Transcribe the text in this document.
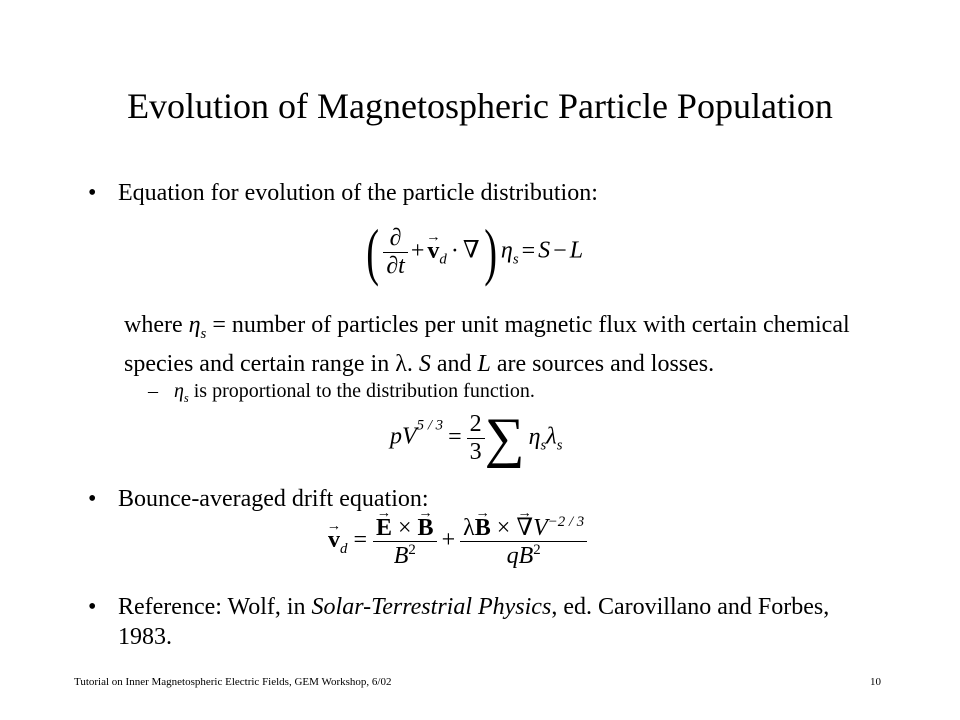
Evolution of Magnetospheric Particle Population
• Equation for evolution of the particle distribution:
( $\frac{\partial}{\partial t} +\to v_d$ · ∇) $\eta_s = S - L$
where $\eta_s$ = number of particles per unit magnetic flux with certain chemical species and certain range in λ. S and L are sources and losses.
– $\eta_s$ is proportional to the distribution function.
$pV^{5 / 3} = \frac{2}{3}$ ∑ $\eta_s\lambda_s$
• Bounce-averaged drift equation:
→ $v_d$ =
→ $\frac{E \times \to B}{B^2} + \frac{\lambda\to B \times \to \nabla V^{-2 / 3}}{qB^2}$
• Reference: Wolf, in Solar-Terrestrial Physics, ed. Carovillano and Forbes, 1983.
Tutorial on Inner Magnetospheric Electric Fields, GEM Workshop, 6/02	10
